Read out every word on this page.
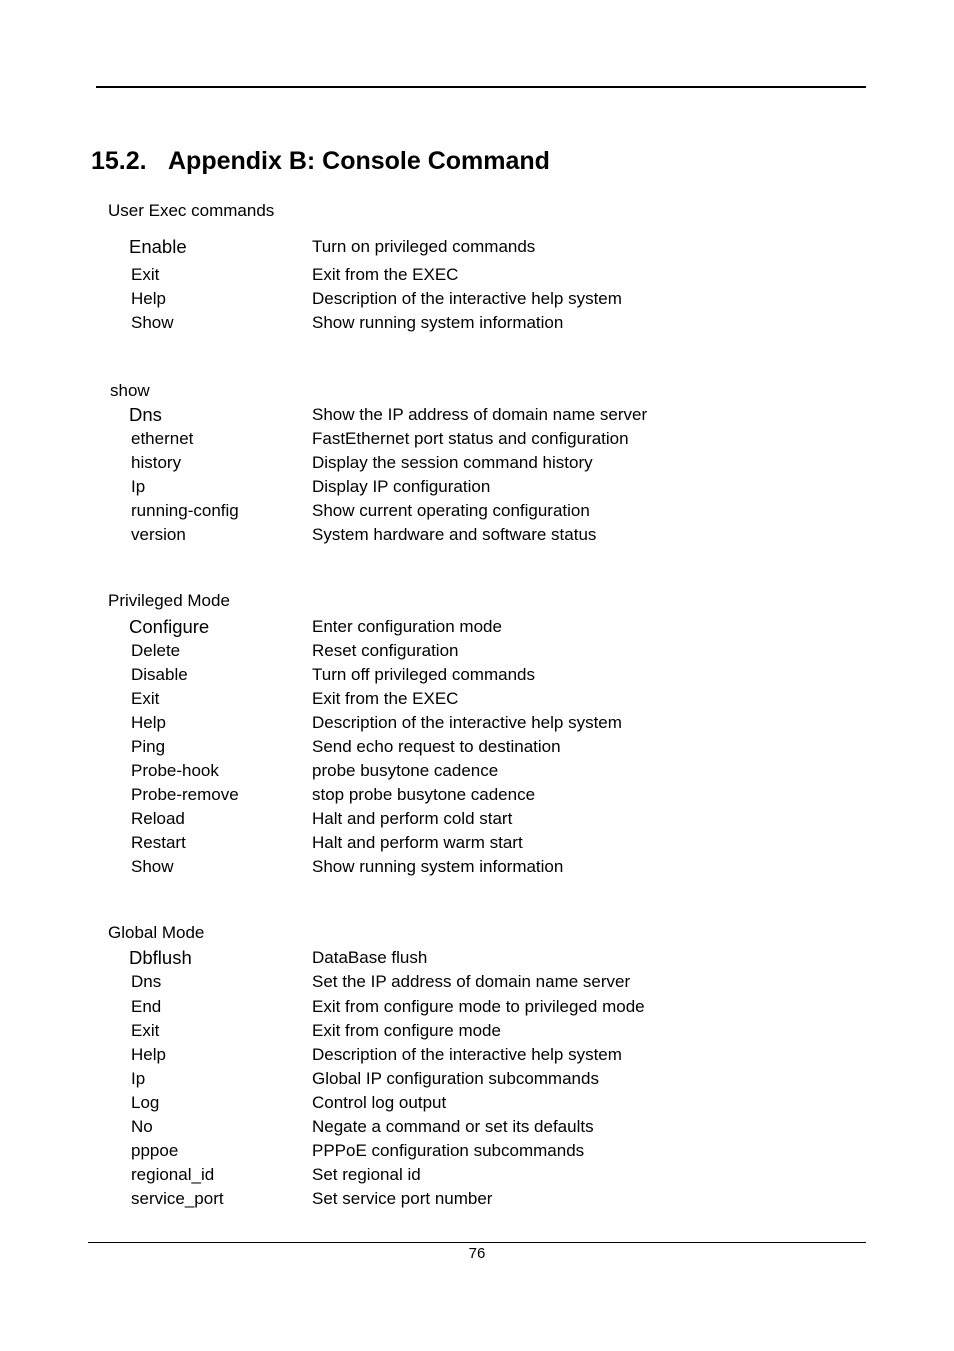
15.2. Appendix B: Console Command
User Exec commands
Enable	Turn on privileged commands
Exit	Exit from the EXEC
Help	Description of the interactive help system
Show	Show running system information
show
Dns	Show the IP address of domain name server
ethernet	FastEthernet port status and configuration
history	Display the session command history
Ip	Display IP configuration
running-config	Show current operating configuration
version	System hardware and software status
Privileged Mode
Configure	Enter configuration mode
Delete	Reset configuration
Disable	Turn off privileged commands
Exit	Exit from the EXEC
Help	Description of the interactive help system
Ping	Send echo request to destination
Probe-hook	probe busytone cadence
Probe-remove	stop probe busytone cadence
Reload	Halt and perform cold start
Restart	Halt and perform warm start
Show	Show running system information
Global Mode
Dbflush	DataBase flush
Dns	Set the IP address of domain name server
End	Exit from configure mode to privileged mode
Exit	Exit from configure mode
Help	Description of the interactive help system
Ip	Global IP configuration subcommands
Log	Control log output
No	Negate a command or set its defaults
pppoe	PPPoE configuration subcommands
regional_id	Set regional id
service_port	Set service port number
76
